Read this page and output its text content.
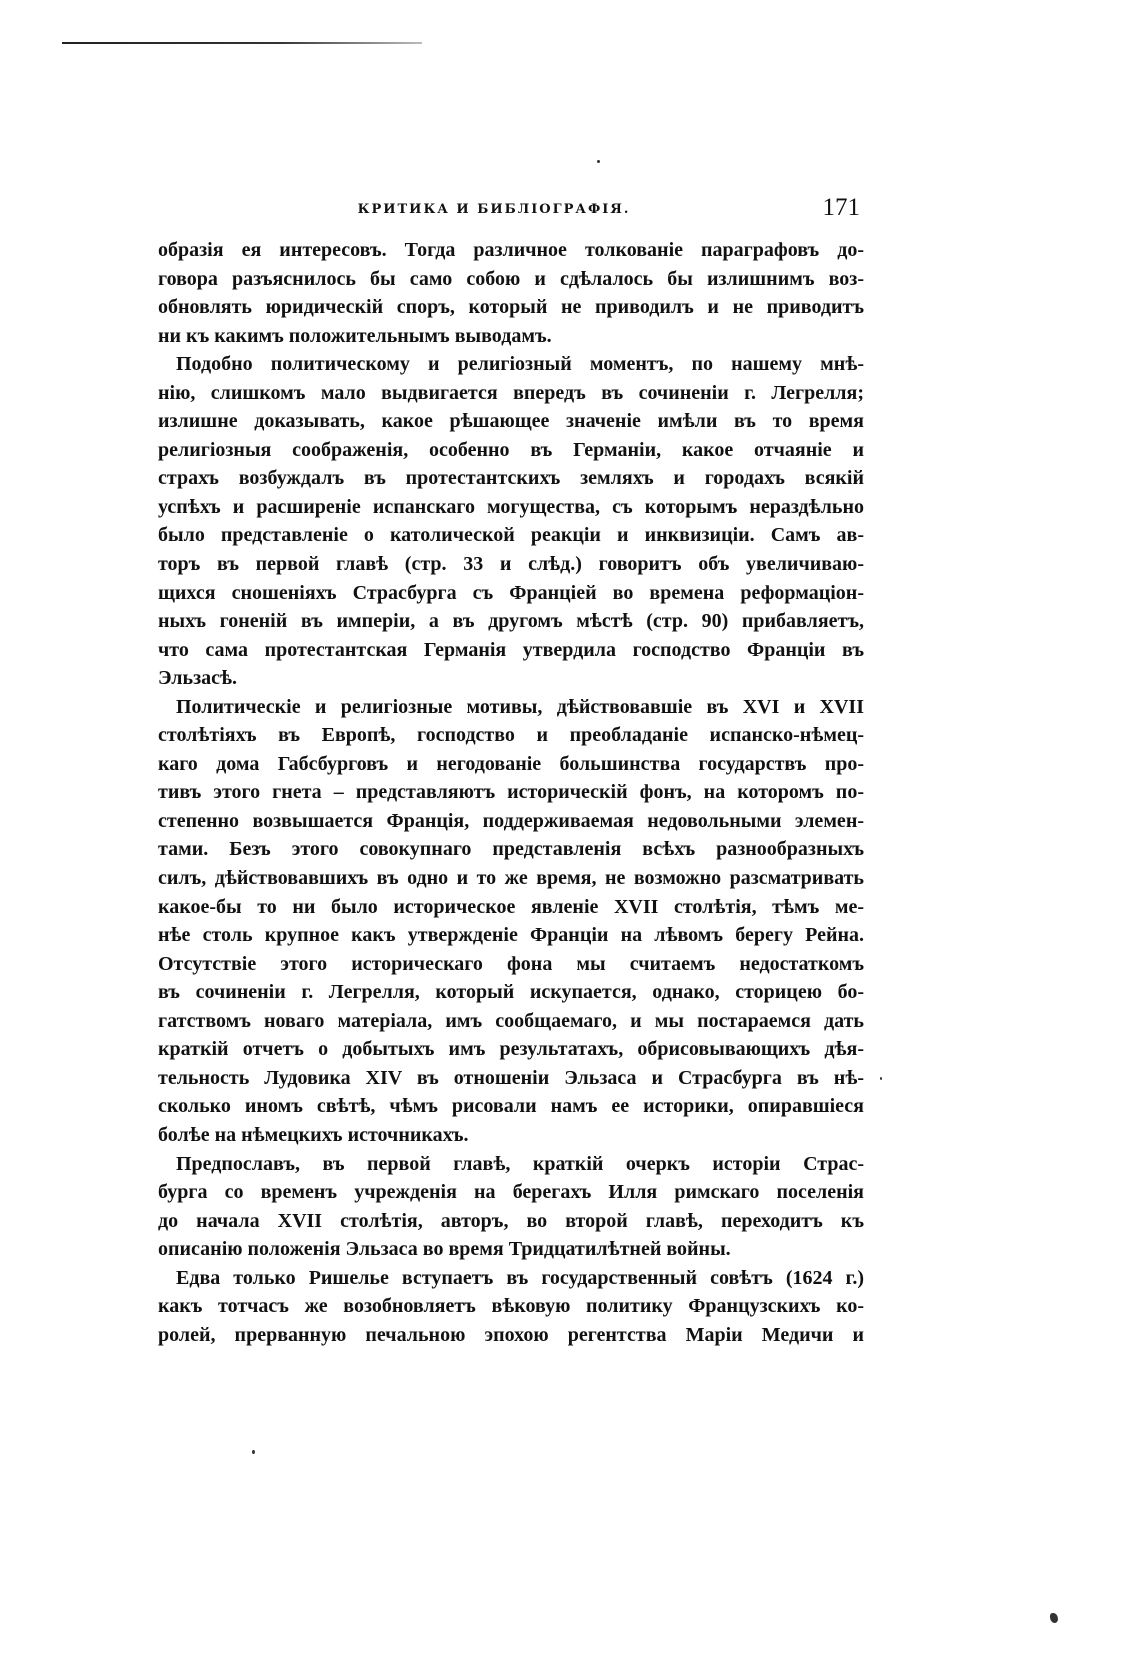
КРИТИКА И БИБЛІОГРАФІЯ.	171
образія ея интересовъ. Тогда различное толкованіе параграфовъ до-
говора разъяснилось бы само собою и сдѣлалось бы излишнимъ воз-
обновлять юридическій споръ, который не приводилъ и не приводитъ
ни къ какимъ положительнымъ выводамъ.
Подобно политическому и религіозный моментъ, по нашему мнѣ-
нію, слишкомъ мало выдвигается впередъ въ сочиненіи г. Легрелля;
излишне доказывать, какое рѣшающее значеніе имѣли въ то время
религіозныя соображенія, особенно въ Германіи, какое отчаяніе и
страхъ возбуждалъ въ протестантскихъ земляхъ и городахъ всякій
успѣхъ и расширеніе испанскаго могущества, съ которымъ нераздѣльно
было представленіе о католической реакціи и инквизиціи. Самъ ав-
торъ въ первой главѣ (стр. 33 и слѣд.) говоритъ объ увеличиваю-
щихся сношеніяхъ Страсбурга съ Франціей во времена реформаціон-
ныхъ гоненій въ имперіи, а въ другомъ мѣстѣ (стр. 90) прибавляетъ,
что сама протестантская Германія утвердила господство Франціи въ
Эльзасѣ.
Политическіе и религіозные мотивы, дѣйствовавшіе въ XVI и XVII
столѣтіяхъ въ Европѣ, господство и преобладаніе испанско-нѣмец-
каго дома Габсбурговъ и негодованіе большинства государствъ про-
тивъ этого гнета – представляютъ историческій фонъ, на которомъ по-
степенно возвышается Франція, поддерживаемая недовольными элемен-
тами. Безъ этого совокупнаго представленія всѣхъ разнообразныхъ
силъ, дѣйствовавшихъ въ одно и то же время, не возможно разсматривать
какое-бы то ни было историческое явленіе XVII столѣтія, тѣмъ ме-
нѣе столь крупное какъ утвержденіе Франціи на лѣвомъ берегу Рейна.
Отсутствіе этого историческаго фона мы считаемъ недостаткомъ
въ сочиненіи г. Легрелля, который искупается, однако, сторицею бо-
гатствомъ новаго матеріала, имъ сообщаемаго, и мы постараемся дать
краткій отчетъ о добытыхъ имъ результатахъ, обрисовывающихъ дѣя-
тельность Лудовика XIV въ отношеніи Эльзаса и Страсбурга въ нѣ-
сколько иномъ свѣтѣ, чѣмъ рисовали намъ ее историки, опиравшіеся
болѣе на нѣмецкихъ источникахъ.
Предпославъ, въ первой главѣ, краткій очеркъ исторіи Страс-
бурга со временъ учрежденія на берегахъ Илля римскаго поселенія
до начала XVII столѣтія, авторъ, во второй главѣ, переходитъ къ
описанію положенія Эльзаса во время Тридцатилѣтней войны.
Едва только Ришелье вступаетъ въ государственный совѣтъ (1624 г.)
какъ тотчасъ же возобновляетъ вѣковую политику Французскихъ ко-
ролей, прерванную печальною эпохою регентства Маріи Медичи и
